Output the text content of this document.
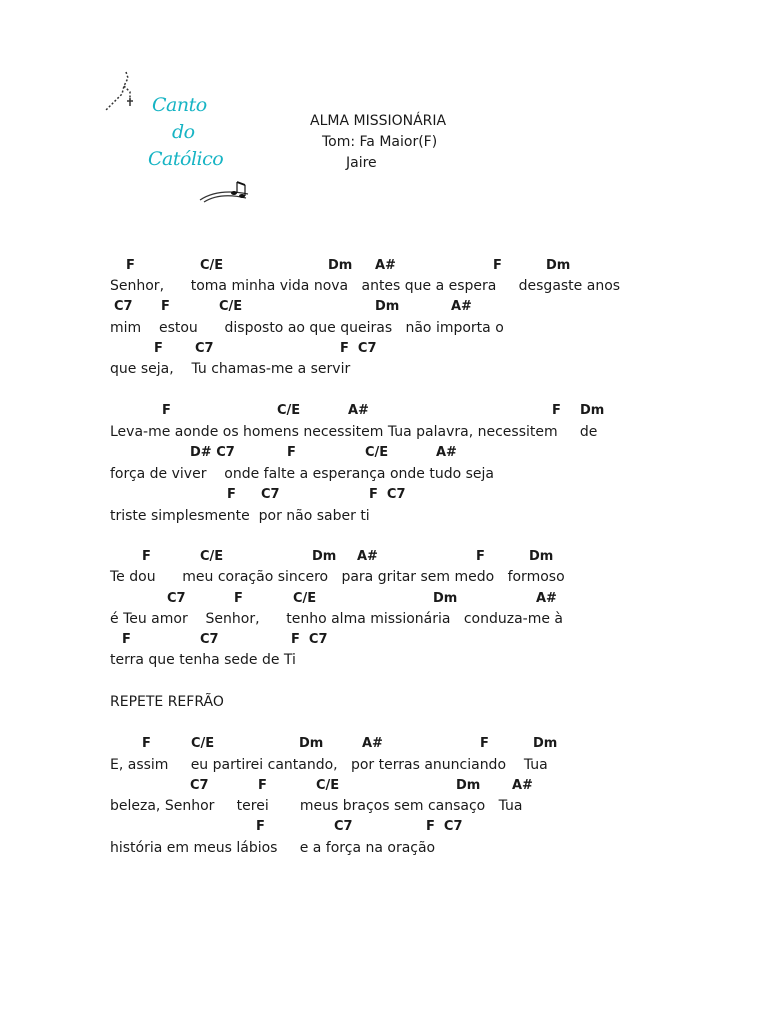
Canto
do
Católico
ALMA MISSIONÁRIA
Tom: Fa Maior(F)
Jaire
F	C/E	Dm A#	F	Dm
Senhor,      toma minha vida nova   antes que a espera     desgaste anos
C7 F	C/E	Dm	A#
mim    estou      disposto ao que queiras   não importa o
F C7	F  C7
que seja,    Tu chamas-me a servir
F	C/E	A#	F Dm
Leva-me aonde os homens necessitem Tua palavra, necessitem     de
D# C7	F	C/E	A#
força de viver    onde falte a esperança onde tudo seja
F C7	F  C7
triste simplesmente  por não saber ti
F	C/E	Dm A#	F	Dm
Te dou      meu coração sincero   para gritar sem medo   formoso
C7	F	C/E	Dm	A#
é Teu amor    Senhor,      tenho alma missionária   conduza-me à
F	C7	F  C7
terra que tenha sede de Ti
REPETE REFRÃO
F	C/E	Dm	A#	F	Dm
E, assim     eu partirei cantando,   por terras anunciando    Tua
C7	F	C/E	Dm A#
beleza, Senhor     terei       meus braços sem cansaço   Tua
F	C7	F  C7
história em meus lábios     e a força na oração
